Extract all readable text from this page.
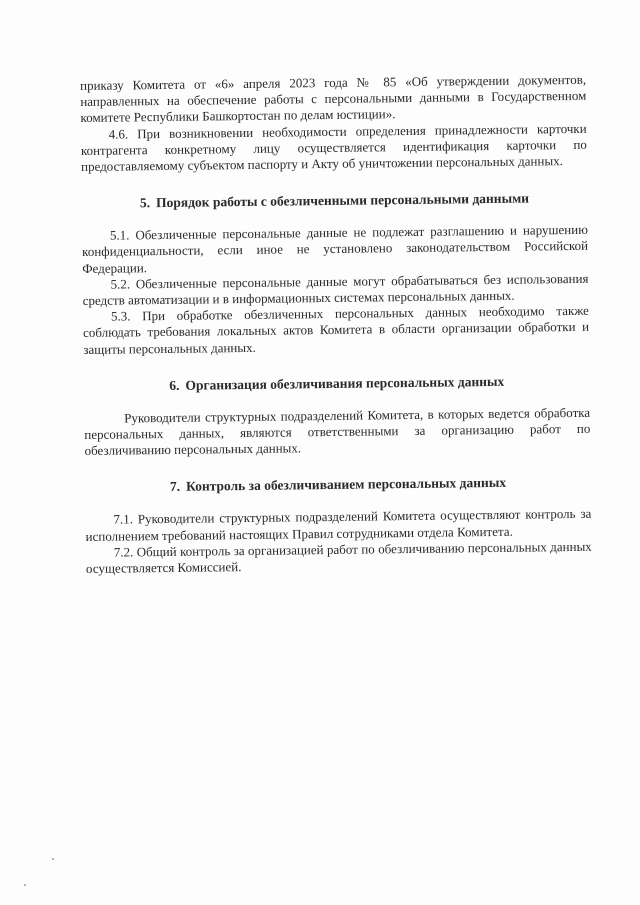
приказу Комитета от «6» апреля 2023 года № 85 «Об утверждении документов, направленных на обеспечение работы с персональными данными в Государственном комитете Республики Башкортостан по делам юстиции».

4.6. При возникновении необходимости определения принадлежности карточки контрагента конкретному лицу осуществляется идентификация карточки по предоставляемому субъектом паспорту и Акту об уничтожении персональных данных.

5. Порядок работы с обезличенными персональными данными

5.1. Обезличенные персональные данные не подлежат разглашению и нарушению конфиденциальности, если иное не установлено законодательством Российской Федерации.

5.2. Обезличенные персональные данные могут обрабатываться без использования средств автоматизации и в информационных системах персональных данных.

5.3. При обработке обезличенных персональных данных необходимо также соблюдать требования локальных актов Комитета в области организации обработки и защиты персональных данных.

6. Организация обезличивания персональных данных

Руководители структурных подразделений Комитета, в которых ведется обработка персональных данных, являются ответственными за организацию работ по обезличиванию персональных данных.

7. Контроль за обезличиванием персональных данных

7.1. Руководители структурных подразделений Комитета осуществляют контроль за исполнением требований настоящих Правил сотрудниками отдела Комитета.

7.2. Общий контроль за организацией работ по обезличиванию персональных данных осуществляется Комиссией.
